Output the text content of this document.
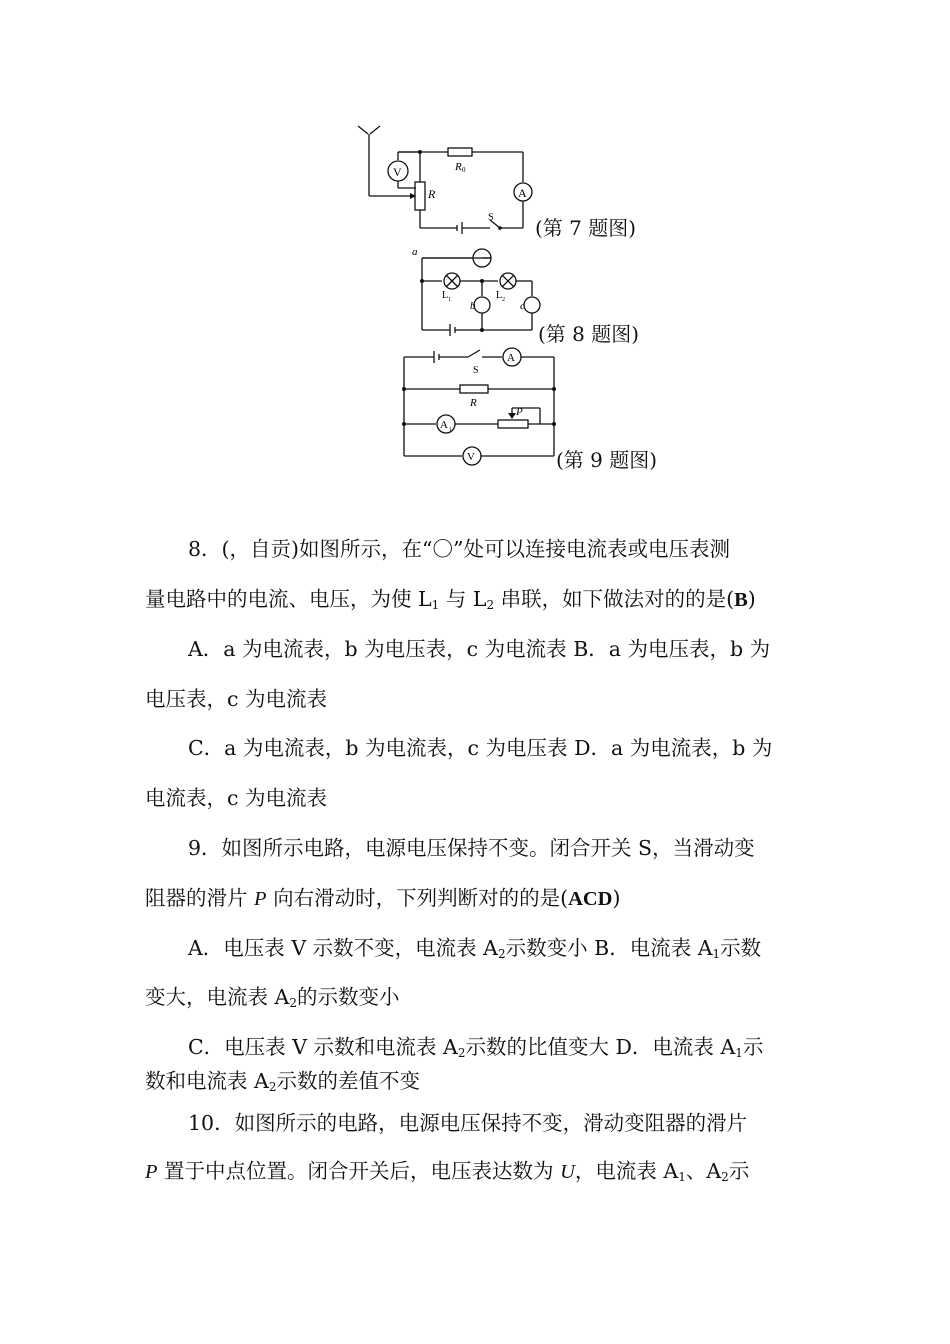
V
A
R 0
R
S (第 7 题图)
a
b	c
L 1	L 2
(第 8 题图)
A
S
R
A 1
P
V	(第 9 题图)
8．(，自贡)如图所示，在“〇”处可以连接电流表或电压表测
量电路中的电流、电压，为使 $L_1$ 与 $L_2$ 串联，如下做法对的的是(B)
A．a 为电流表，b 为电压表，c 为电流表 B．a 为电压表，b 为
电压表，c 为电流表
C．a 为电流表，b 为电流表，c 为电压表 D．a 为电流表，b 为
电流表，c 为电流表
9．如图所示电路，电源电压保持不变。闭合开关 S，当滑动变
阻器的滑片 P 向右滑动时，下列判断对的的是(ACD)
A．电压表 V 示数不变，电流表 $A_2$示数变小 B．电流表 $A_1$示数
变大，电流表 $A_2$的示数变小
C．电压表 V 示数和电流表 $A_2$示数的比值变大 D．电流表 $A_1$示
数和电流表 $A_2$示数的差值不变
10．如图所示的电路，电源电压保持不变，滑动变阻器的滑片
P 置于中点位置。闭合开关后，电压表达数为 U，电流表 $A_1$、$A_2$示
